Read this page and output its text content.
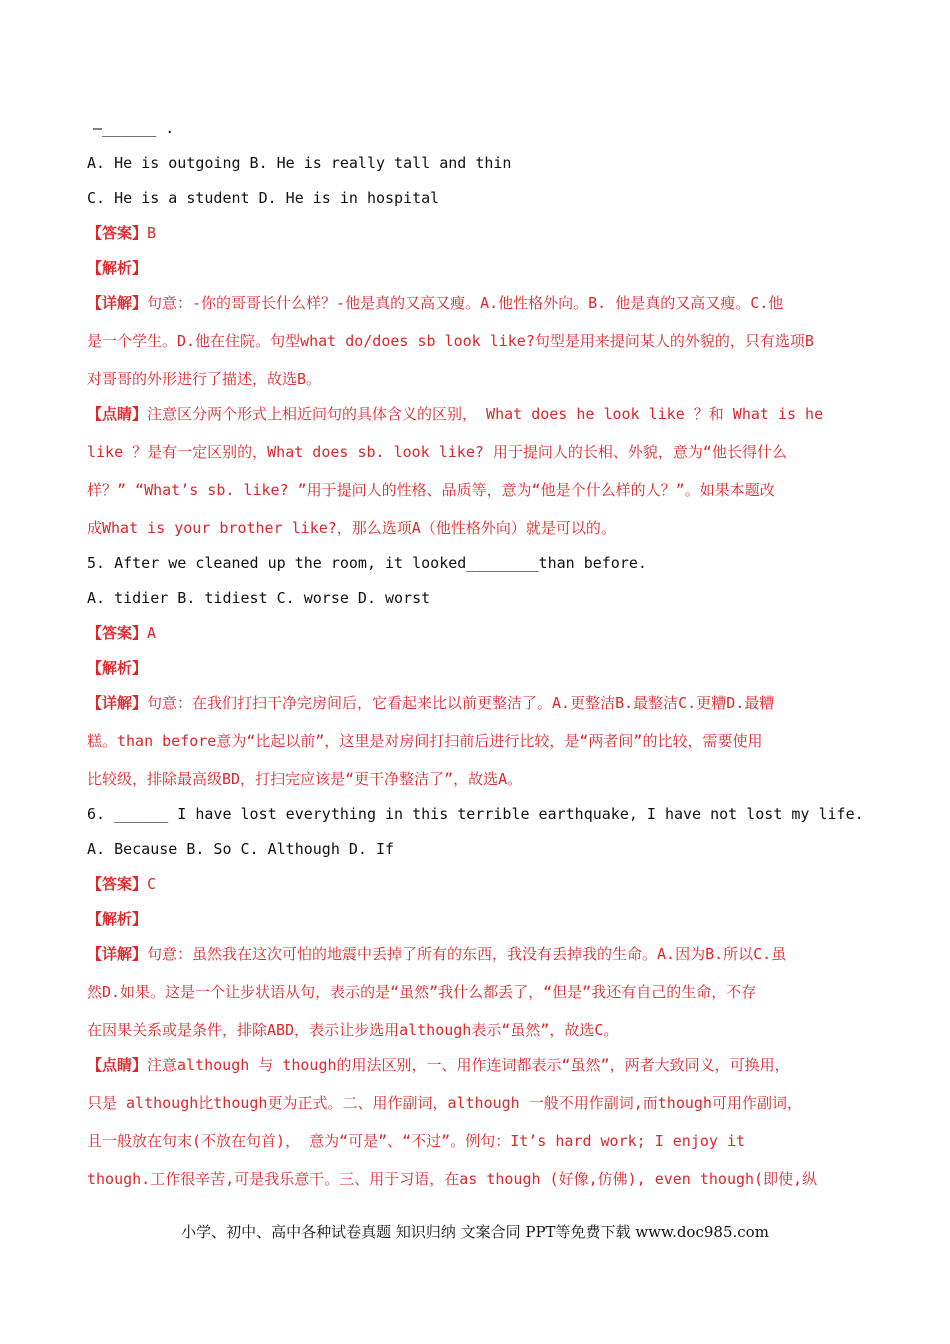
—______ .
A. He is outgoing B. He is really tall and thin
C. He is a student D. He is in hospital
【答案】B
【解析】
【详解】句意：-你的哥哥长什么样？-他是真的又高又瘦。A.他性格外向。B. 他是真的又高又瘦。C.他
是一个学生。D.他在住院。句型what do/does sb look like?句型是用来提问某人的外貌的，只有选项B
对哥哥的外形进行了描述，故选B。
【点睛】注意区分两个形式上相近问句的具体含义的区别， What does he look like ？和 What is he
like ？是有一定区别的，What does sb. look like? 用于提问人的长相、外貌，意为“他长得什么
样？” “What’s sb. like? ”用于提问人的性格、品质等，意为“他是个什么样的人？”。如果本题改
成What is your brother like?，那么选项A（他性格外向）就是可以的。
5. After we cleaned up the room, it looked________than before.
A. tidier B. tidiest C. worse D. worst
【答案】A
【解析】
【详解】句意：在我们打扫干净完房间后，它看起来比以前更整洁了。A.更整洁B.最整洁C.更糟D.最糟
糕。than before意为“比起以前”，这里是对房间打扫前后进行比较，是“两者间”的比较，需要使用
比较级，排除最高级BD，打扫完应该是“更干净整洁了”，故选A。
6. ______ I have lost everything in this terrible earthquake, I have not lost my life.
A. Because B. So C. Although D. If
【答案】C
【解析】
【详解】句意：虽然我在这次可怕的地震中丢掉了所有的东西，我没有丢掉我的生命。A.因为B.所以C.虽
然D.如果。这是一个让步状语从句，表示的是“虽然”我什么都丢了，“但是”我还有自己的生命，不存
在因果关系或是条件，排除ABD，表示让步选用although表示“虽然”，故选C。
【点睛】注意although 与 though的用法区别，一、用作连词都表示“虽然”，两者大致同义，可换用，
只是 although比though更为正式。二、用作副词，although 一般不用作副词,而though可用作副词，
且一般放在句末(不放在句首)， 意为“可是”、“不过”。例句：It’s hard work; I enjoy it
though.工作很辛苦,可是我乐意干。三、用于习语，在as though (好像,仿佛), even though(即使,纵
小学、初中、高中各种试卷真题 知识归纳 文案合同 PPT等免费下载 www.doc985.com
